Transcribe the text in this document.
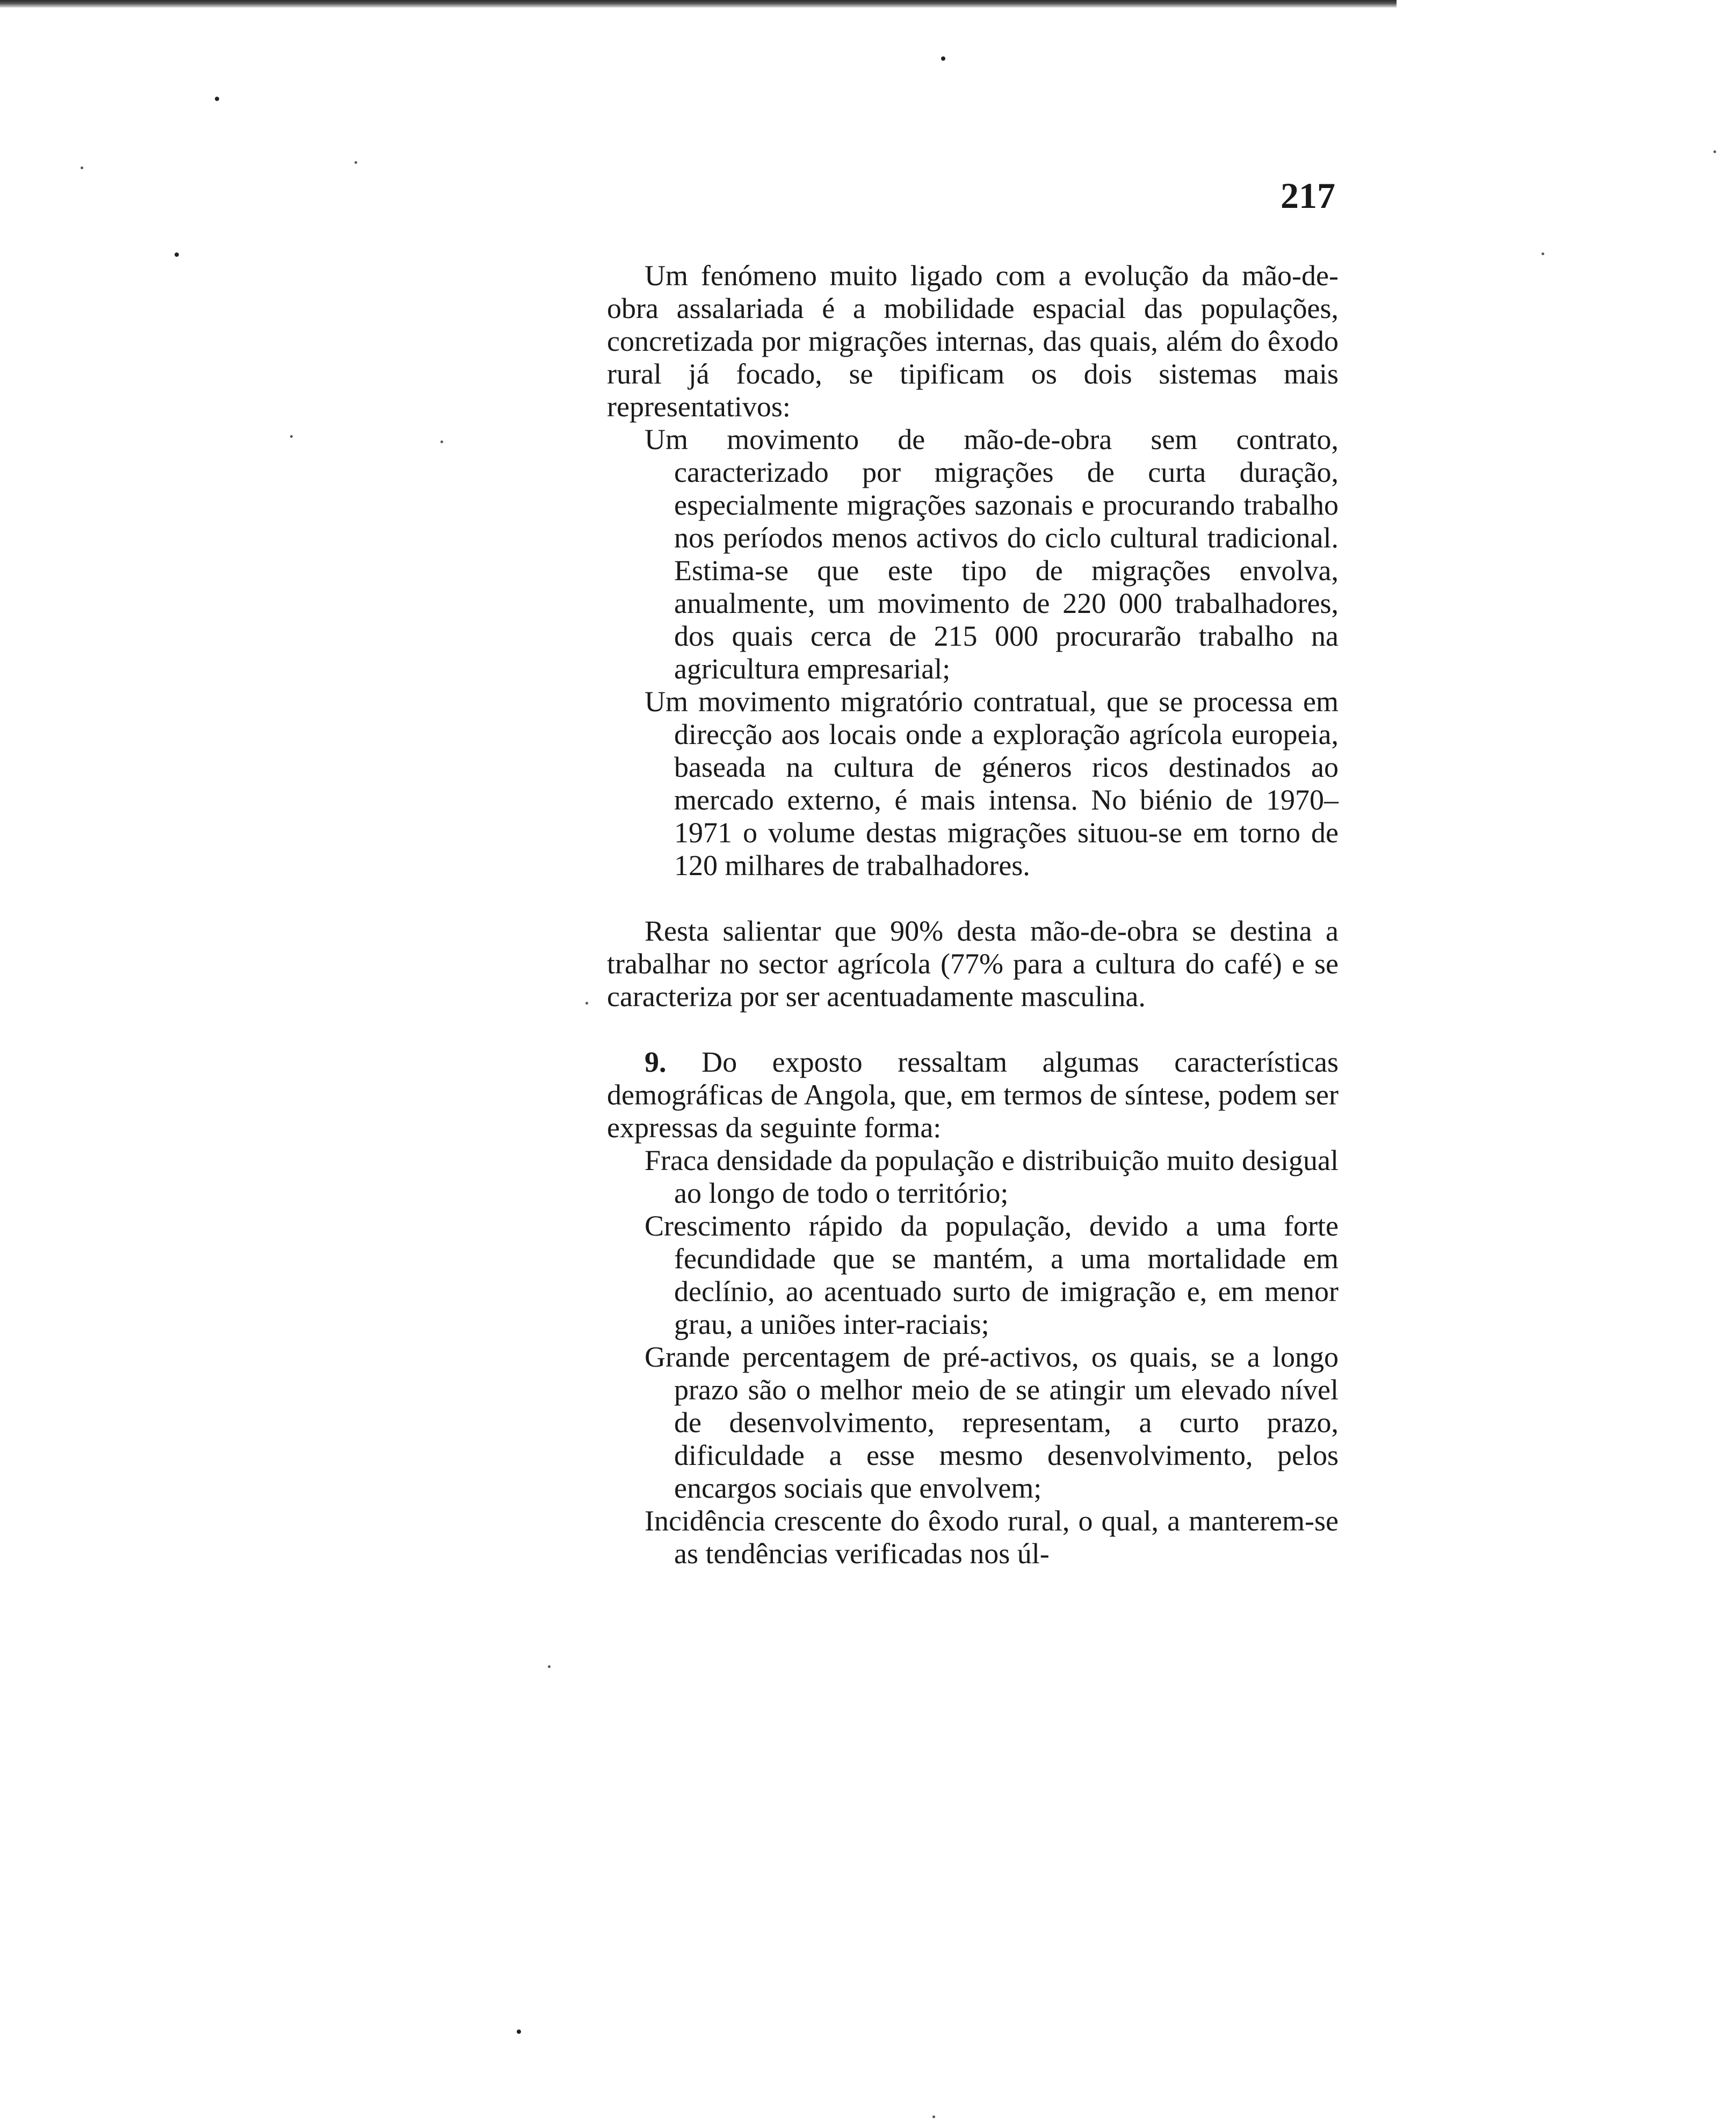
217

Um fenómeno muito ligado com a evolução da mão-de-obra assalariada é a mobilidade espacial das populações, concretizada por migrações internas, das quais, além do êxodo rural já focado, se tipificam os dois sistemas mais representativos:

Um movimento de mão-de-obra sem contrato, caracterizado por migrações de curta duração, especialmente migrações sazonais e procurando trabalho nos períodos menos activos do ciclo cultural tradicional. Estima-se que este tipo de migrações envolva, anualmente, um movimento de 220 000 trabalhadores, dos quais cerca de 215 000 procurarão trabalho na agricultura empresarial;

Um movimento migratório contratual, que se processa em direcção aos locais onde a exploração agrícola europeia, baseada na cultura de géneros ricos destinados ao mercado externo, é mais intensa. No biénio de 1970–1971 o volume destas migrações situou-se em torno de 120 milhares de trabalhadores.

Resta salientar que 90% desta mão-de-obra se destina a trabalhar no sector agrícola (77% para a cultura do café) e se caracteriza por ser acentuadamente masculina.

9. Do exposto ressaltam algumas características demográficas de Angola, que, em termos de síntese, podem ser expressas da seguinte forma:

Fraca densidade da população e distribuição muito desigual ao longo de todo o território;

Crescimento rápido da população, devido a uma forte fecundidade que se mantém, a uma mortalidade em declínio, ao acentuado surto de imigração e, em menor grau, a uniões inter-raciais;

Grande percentagem de pré-activos, os quais, se a longo prazo são o melhor meio de se atingir um elevado nível de desenvolvimento, representam, a curto prazo, dificuldade a esse mesmo desenvolvimento, pelos encargos sociais que envolvem;

Incidência crescente do êxodo rural, o qual, a manterem-se as tendências verificadas nos úl-
